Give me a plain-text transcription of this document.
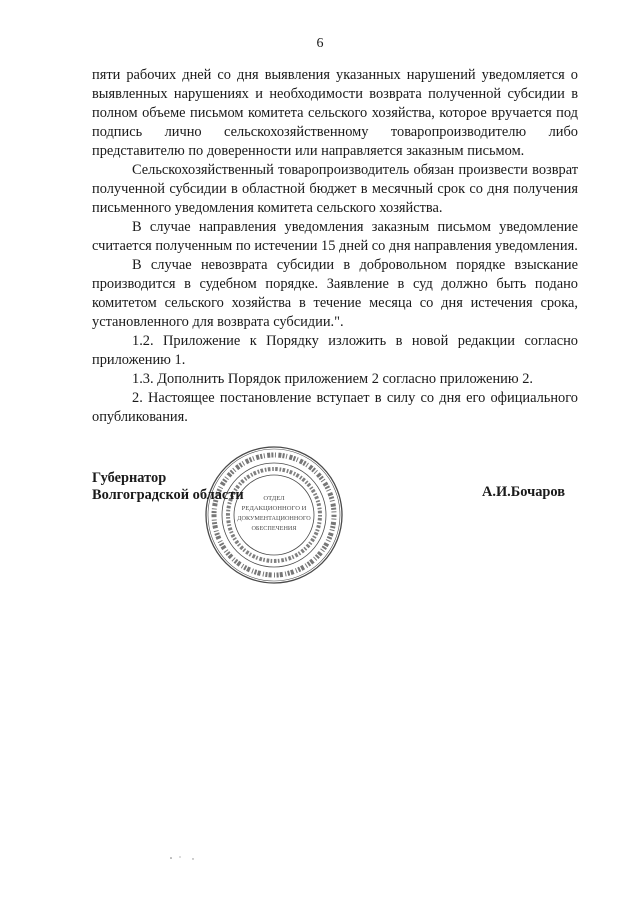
6

пяти рабочих дней со дня выявления указанных нарушений уведомляется о выявленных нарушениях и необходимости возврата полученной субсидии в полном объеме письмом комитета сельского хозяйства, которое вручается под подпись лично сельскохозяйственному товаропроизводителю либо представителю по доверенности или направляется заказным письмом.

Сельскохозяйственный товаропроизводитель обязан произвести возврат полученной субсидии в областной бюджет в месячный срок со дня получения письменного уведомления комитета сельского хозяйства.

В случае направления уведомления заказным письмом уведомление считается полученным по истечении 15 дней со дня направления уведомления.

В случае невозврата субсидии в добровольном порядке взыскание производится в судебном порядке. Заявление в суд должно быть подано комитетом сельского хозяйства в течение месяца со дня истечения срока, установленного для возврата субсидии.".

1.2. Приложение к Порядку изложить в новой редакции согласно приложению 1.

1.3. Дополнить Порядок приложением 2 согласно приложению 2.

2. Настоящее постановление вступает в силу со дня его официального опубликования.

Губернатор
Волгоградской области	А.И.Бочаров
ОТДЕЛ
РЕДАКЦИОННОГО И
ДОКУМЕНТАЦИОННОГО
ОБЕСПЕЧЕНИЯ
